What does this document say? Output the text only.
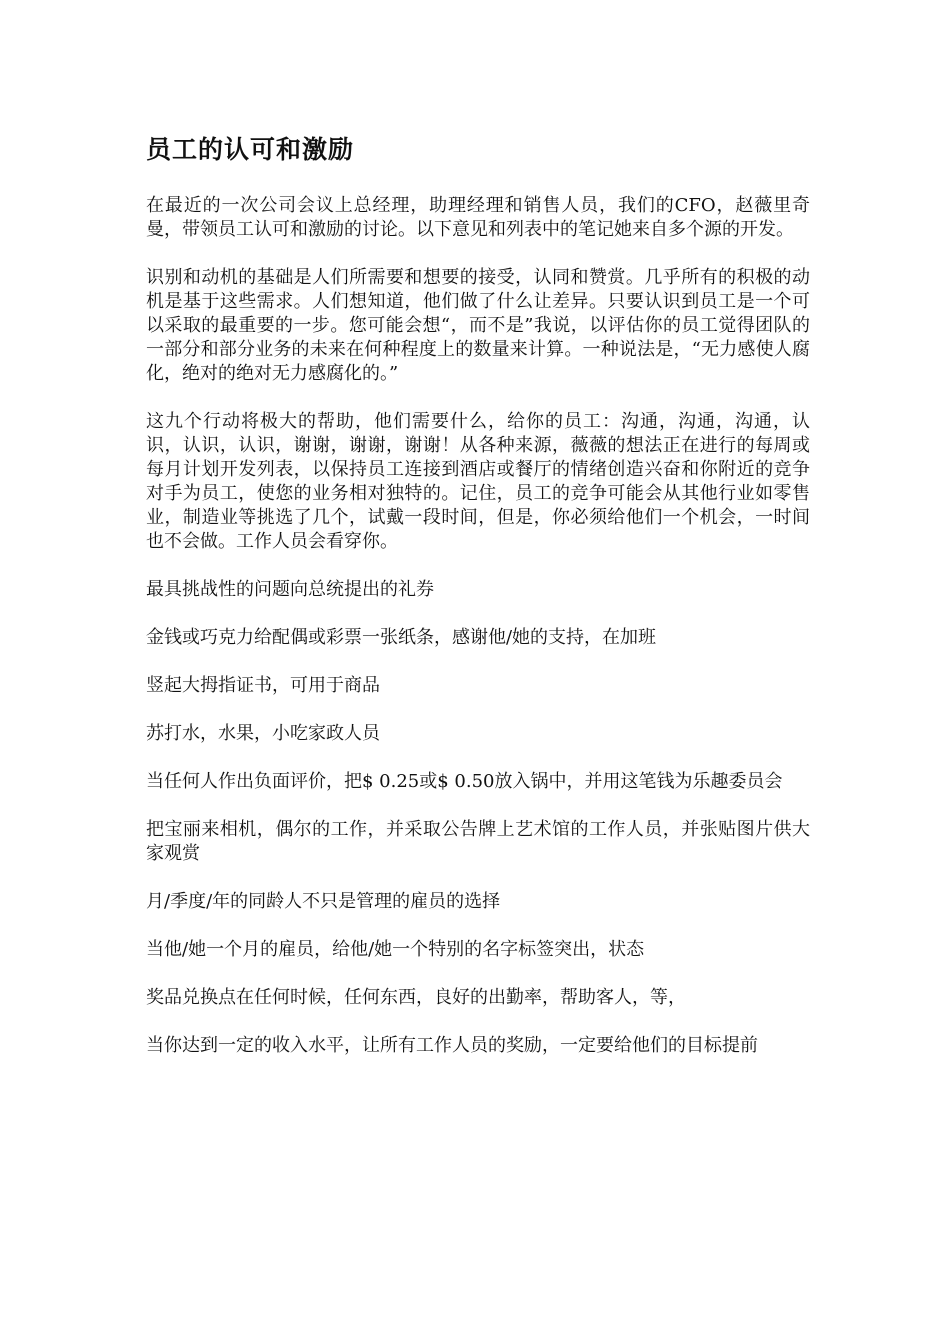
员工的认可和激励

在最近的一次公司会议上总经理，助理经理和销售人员，我们的CFO，赵薇里奇曼，带领员工认可和激励的讨论。以下意见和列表中的笔记她来自多个源的开发。

识别和动机的基础是人们所需要和想要的接受，认同和赞赏。几乎所有的积极的动机是基于这些需求。人们想知道，他们做了什么让差异。只要认识到员工是一个可以采取的最重要的一步。您可能会想“，而不是”我说，以评估你的员工觉得团队的一部分和部分业务的未来在何种程度上的数量来计算。一种说法是，“无力感使人腐化，绝对的绝对无力感腐化的。”

这九个行动将极大的帮助，他们需要什么，给你的员工：沟通，沟通，沟通，认识，认识，认识，谢谢，谢谢，谢谢！从各种来源，薇薇的想法正在进行的每周或每月计划开发列表，以保持员工连接到酒店或餐厅的情绪创造兴奋和你附近的竞争对手为员工，使您的业务相对独特的。记住，员工的竞争可能会从其他行业如零售业，制造业等挑选了几个，试戴一段时间，但是，你必须给他们一个机会，一时间也不会做。工作人员会看穿你。

最具挑战性的问题向总统提出的礼券

金钱或巧克力给配偶或彩票一张纸条，感谢他/她的支持，在加班

竖起大拇指证书，可用于商品

苏打水，水果，小吃家政人员

当任何人作出负面评价，把$ 0.25或$ 0.50放入锅中，并用这笔钱为乐趣委员会

把宝丽来相机，偶尔的工作，并采取公告牌上艺术馆的工作人员，并张贴图片供大家观赏

月/季度/年的同龄人不只是管理的雇员的选择

当他/她一个月的雇员，给他/她一个特别的名字标签突出，状态

奖品兑换点在任何时候，任何东西，良好的出勤率，帮助客人，等，

当你达到一定的收入水平，让所有工作人员的奖励，一定要给他们的目标提前
